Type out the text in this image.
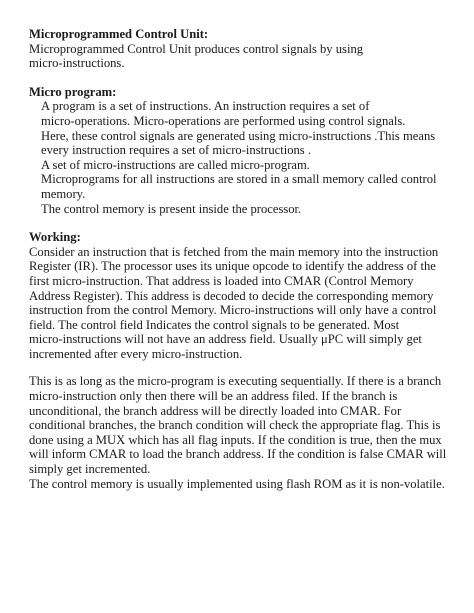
Microprogrammed Control Unit:
Microprogrammed Control Unit produces control signals by using
micro-instructions.
Micro program:
A program is a set of instructions. An instruction requires a set of
micro-operations. Micro-operations are performed using control signals.
Here, these control signals are generated using micro-instructions .This means
every instruction requires a set of micro-instructions .
A set of micro-instructions are called micro-program.
Microprograms for all instructions are stored in a small memory called control
memory.
The control memory is present inside the processor.
Working:
Consider an instruction that is fetched from the main memory into the instruction
Register (IR). The processor uses its unique opcode to identify the address of the
first micro-instruction. That address is loaded into CMAR (Control Memory
Address Register). This address is decoded to decide the corresponding memory
instruction from the control Memory. Micro-instructions will only have a control
field. The control field Indicates the control signals to be generated. Most
micro-instructions will not have an address field. Usually μPC will simply get
incremented after every micro-instruction.
This is as long as the micro-program is executing sequentially. If there is a branch
micro-instruction only then there will be an address filed. If the branch is
unconditional, the branch address will be directly loaded into CMAR. For
conditional branches, the branch condition will check the appropriate flag. This is
done using a MUX which has all flag inputs. If the condition is true, then the mux
will inform CMAR to load the branch address. If the condition is false CMAR will
simply get incremented.
The control memory is usually implemented using flash ROM as it is non-volatile.
